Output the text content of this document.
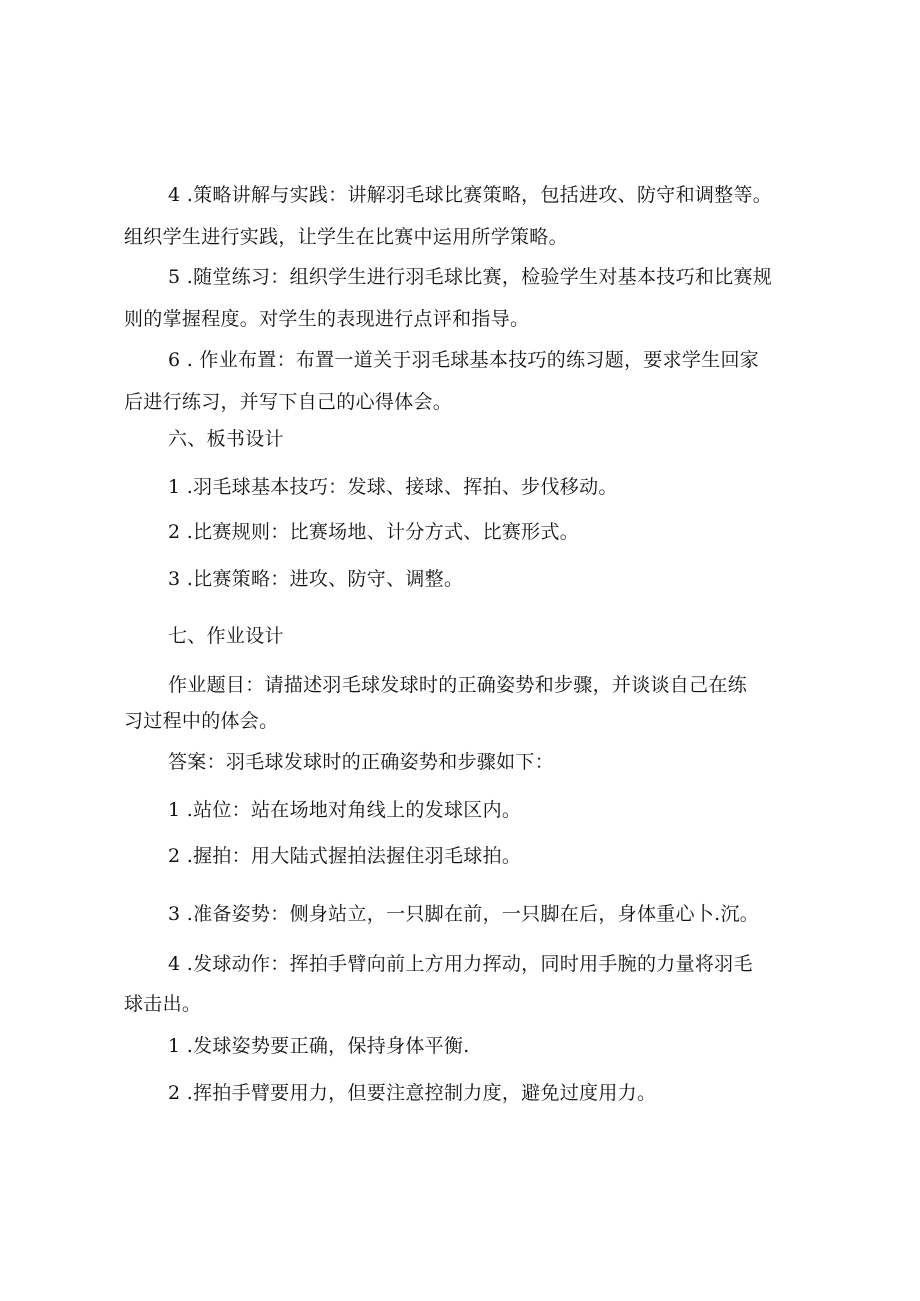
4 .策略讲解与实践：讲解羽毛球比赛策略，包括进攻、防守和调整等。
组织学生进行实践，让学生在比赛中运用所学策略。
5 .随堂练习：组织学生进行羽毛球比赛，检验学生对基本技巧和比赛规
则的掌握程度。对学生的表现进行点评和指导。
6 . 作业布置：布置一道关于羽毛球基本技巧的练习题，要求学生回家
后进行练习，并写下自己的心得体会。
六、板书设计
1 .羽毛球基本技巧：发球、接球、挥拍、步伐移动。
2 .比赛规则：比赛场地、计分方式、比赛形式。
3 .比赛策略：进攻、防守、调整。
七、作业设计
作业题目：请描述羽毛球发球时的正确姿势和步骤，并谈谈自己在练
习过程中的体会。
答案：羽毛球发球时的正确姿势和步骤如下：
1 .站位：站在场地对角线上的发球区内。
2 .握拍：用大陆式握拍法握住羽毛球拍。
3 .准备姿势：侧身站立，一只脚在前，一只脚在后，身体重心卜.沉。
4 .发球动作：挥拍手臂向前上方用力挥动，同时用手腕的力量将羽毛
球击出。
1 .发球姿势要正确，保持身体平衡.
2 .挥拍手臂要用力，但要注意控制力度，避免过度用力。
